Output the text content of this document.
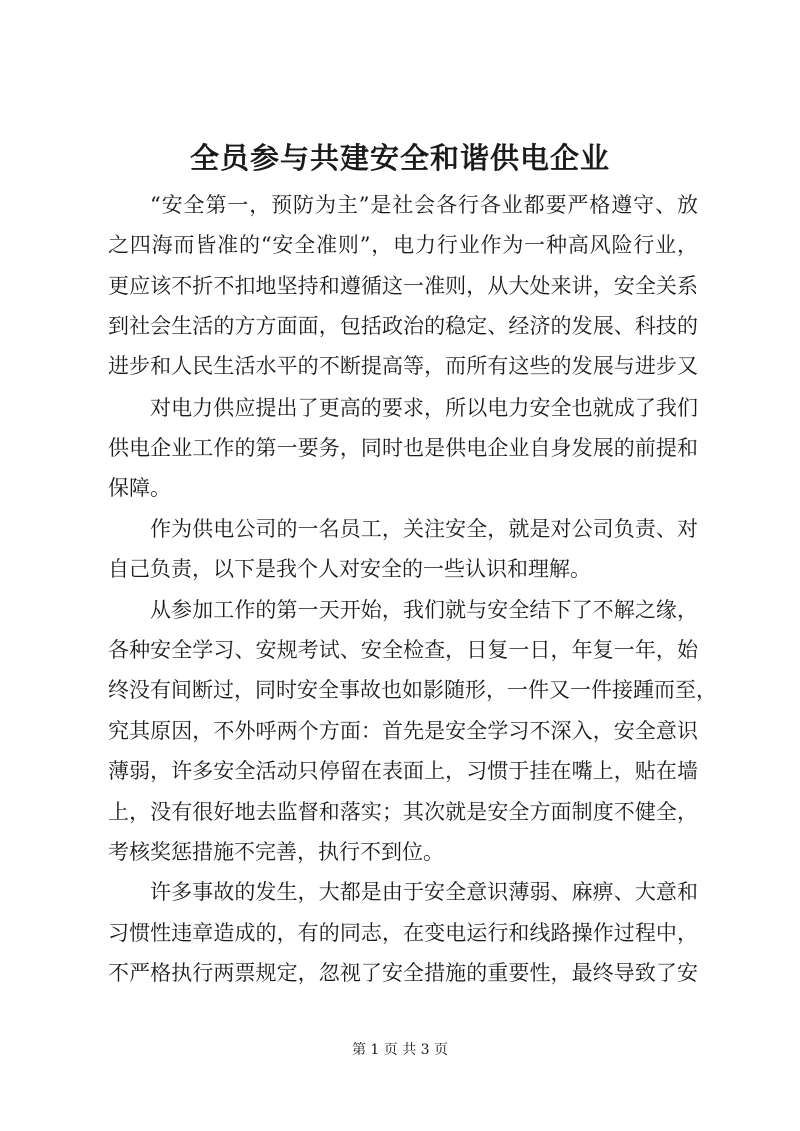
全员参与共建安全和谐供电企业
“安全第一，预防为主”是社会各行各业都要严格遵守、放
之四海而皆准的“安全准则”，电力行业作为一种高风险行业，
更应该不折不扣地坚持和遵循这一准则，从大处来讲，安全关系
到社会生活的方方面面，包括政治的稳定、经济的发展、科技的
进步和人民生活水平的不断提高等，而所有这些的发展与进步又
对电力供应提出了更高的要求，所以电力安全也就成了我们
供电企业工作的第一要务，同时也是供电企业自身发展的前提和
保障。
作为供电公司的一名员工，关注安全，就是对公司负责、对
自己负责，以下是我个人对安全的一些认识和理解。
从参加工作的第一天开始，我们就与安全结下了不解之缘，
各种安全学习、安规考试、安全检查，日复一日，年复一年，始
终没有间断过，同时安全事故也如影随形，一件又一件接踵而至，
究其原因，不外呼两个方面：首先是安全学习不深入，安全意识
薄弱，许多安全活动只停留在表面上，习惯于挂在嘴上，贴在墙
上，没有很好地去监督和落实；其次就是安全方面制度不健全，
考核奖惩措施不完善，执行不到位。
许多事故的发生，大都是由于安全意识薄弱、麻痹、大意和
习惯性违章造成的，有的同志，在变电运行和线路操作过程中，
不严格执行两票规定，忽视了安全措施的重要性，最终导致了安
第 1 页 共 3 页
